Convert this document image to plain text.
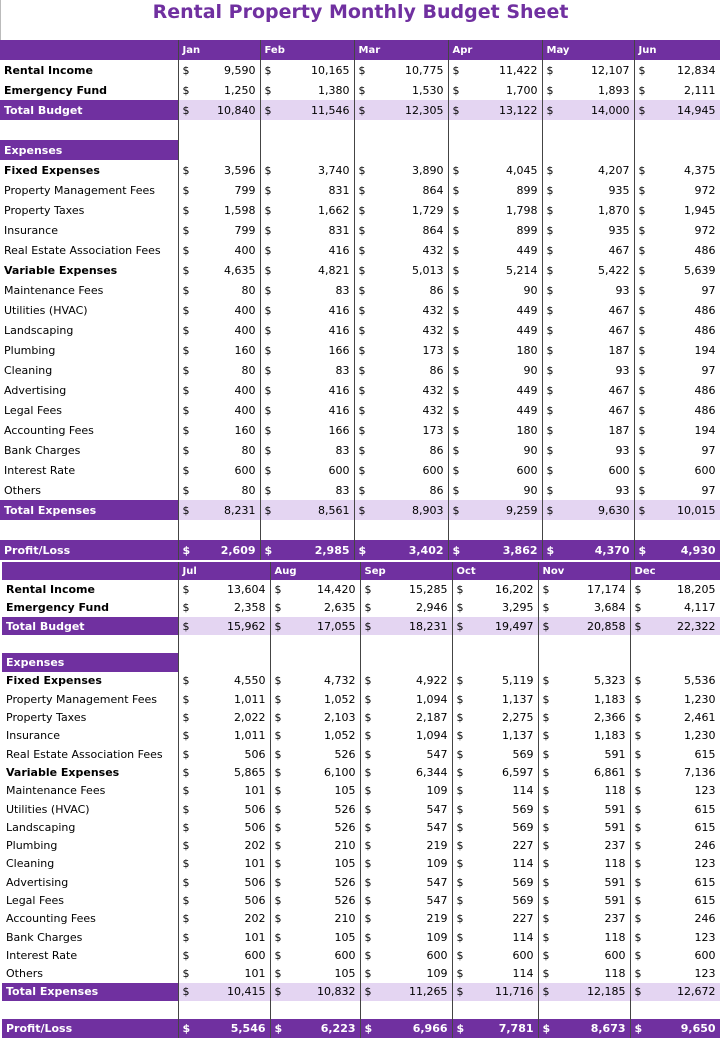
Rental Property Monthly Budget Sheet
	Jan		Feb		Mar		Apr		May		Jun	
Rental Income	$	9,590	$	10,165	$	10,775	$	11,422	$	12,107	$	12,834
Emergency Fund	$	1,250	$	1,380	$	1,530	$	1,700	$	1,893	$	2,111
Total Budget	$	10,840	$	11,546	$	12,305	$	13,122	$	14,000	$	14,945

Expenses												
Fixed Expenses	$	3,596	$	3,740	$	3,890	$	4,045	$	4,207	$	4,375
Property Management Fees	$	799	$	831	$	864	$	899	$	935	$	972
Property Taxes	$	1,598	$	1,662	$	1,729	$	1,798	$	1,870	$	1,945
Insurance	$	799	$	831	$	864	$	899	$	935	$	972
Real Estate Association Fees	$	400	$	416	$	432	$	449	$	467	$	486
Variable Expenses	$	4,635	$	4,821	$	5,013	$	5,214	$	5,422	$	5,639
Maintenance Fees	$	80	$	83	$	86	$	90	$	93	$	97
Utilities (HVAC)	$	400	$	416	$	432	$	449	$	467	$	486
Landscaping	$	400	$	416	$	432	$	449	$	467	$	486
Plumbing	$	160	$	166	$	173	$	180	$	187	$	194
Cleaning	$	80	$	83	$	86	$	90	$	93	$	97
Advertising	$	400	$	416	$	432	$	449	$	467	$	486
Legal Fees	$	400	$	416	$	432	$	449	$	467	$	486
Accounting Fees	$	160	$	166	$	173	$	180	$	187	$	194
Bank Charges	$	80	$	83	$	86	$	90	$	93	$	97
Interest Rate	$	600	$	600	$	600	$	600	$	600	$	600
Others	$	80	$	83	$	86	$	90	$	93	$	97
Total Expenses	$	8,231	$	8,561	$	8,903	$	9,259	$	9,630	$	10,015

Profit/Loss	$	2,609	$	2,985	$	3,402	$	3,862	$	4,370	$	4,930
	Jul		Aug		Sep		Oct		Nov		Dec	
Rental Income	$	13,604	$	14,420	$	15,285	$	16,202	$	17,174	$	18,205
Emergency Fund	$	2,358	$	2,635	$	2,946	$	3,295	$	3,684	$	4,117
Total Budget	$	15,962	$	17,055	$	18,231	$	19,497	$	20,858	$	22,322

Expenses												
Fixed Expenses	$	4,550	$	4,732	$	4,922	$	5,119	$	5,323	$	5,536
Property Management Fees	$	1,011	$	1,052	$	1,094	$	1,137	$	1,183	$	1,230
Property Taxes	$	2,022	$	2,103	$	2,187	$	2,275	$	2,366	$	2,461
Insurance	$	1,011	$	1,052	$	1,094	$	1,137	$	1,183	$	1,230
Real Estate Association Fees	$	506	$	526	$	547	$	569	$	591	$	615
Variable Expenses	$	5,865	$	6,100	$	6,344	$	6,597	$	6,861	$	7,136
Maintenance Fees	$	101	$	105	$	109	$	114	$	118	$	123
Utilities (HVAC)	$	506	$	526	$	547	$	569	$	591	$	615
Landscaping	$	506	$	526	$	547	$	569	$	591	$	615
Plumbing	$	202	$	210	$	219	$	227	$	237	$	246
Cleaning	$	101	$	105	$	109	$	114	$	118	$	123
Advertising	$	506	$	526	$	547	$	569	$	591	$	615
Legal Fees	$	506	$	526	$	547	$	569	$	591	$	615
Accounting Fees	$	202	$	210	$	219	$	227	$	237	$	246
Bank Charges	$	101	$	105	$	109	$	114	$	118	$	123
Interest Rate	$	600	$	600	$	600	$	600	$	600	$	600
Others	$	101	$	105	$	109	$	114	$	118	$	123
Total Expenses	$	10,415	$	10,832	$	11,265	$	11,716	$	12,185	$	12,672

Profit/Loss	$	5,546	$	6,223	$	6,966	$	7,781	$	8,673	$	9,650
